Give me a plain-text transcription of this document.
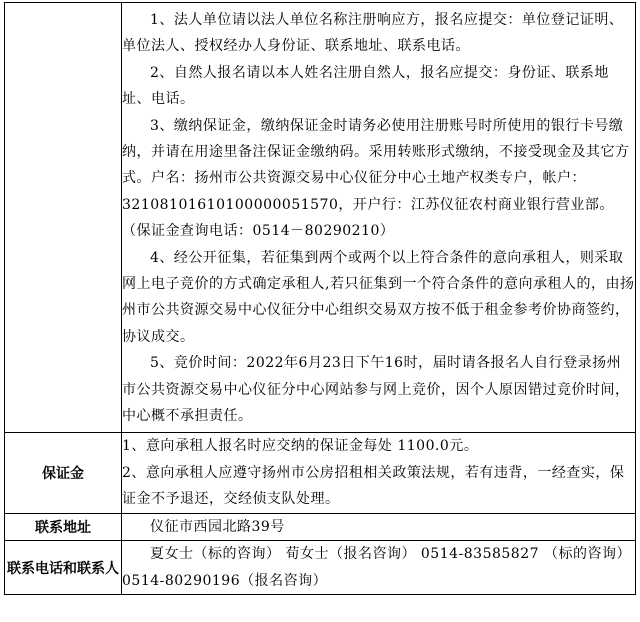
	1、法人单位请以法人单位名称注册响应方，报名应提交：单位登记证明、单位法人、授权经办人身份证、联系地址、联系电话。

2、自然人报名请以本人姓名注册自然人，报名应提交：身份证、联系地址、电话。

3、缴纳保证金，缴纳保证金时请务必使用注册账号时所使用的银行卡号缴纳，并请在用途里备注保证金缴纳码。采用转账形式缴纳，不接受现金及其它方式。户名：扬州市公共资源交易中心仪征分中心土地产权类专户，帐户：32108101610100000051570，开户行：江苏仪征农村商业银行营业部。（保证金查询电话：0514－80290210）

4、经公开征集，若征集到两个或两个以上符合条件的意向承租人，则采取网上电子竞价的方式确定承租人,若只征集到一个符合条件的意向承租人的，由扬州市公共资源交易中心仪征分中心组织交易双方按不低于租金参考价协商签约，协议成交。

5、竞价时间：2022年6月23日下午16时，届时请各报名人自行登录扬州市公共资源交易中心仪征分中心网站参与网上竞价，因个人原因错过竞价时间，中心概不承担责任。

保证金	1、意向承租人报名时应交纳的保证金每处 1100.0元。

2、意向承租人应遵守扬州市公房招租相关政策法规，若有违背，一经查实，保证金不予退还，交经侦支队处理。

联系地址	仪征市西园北路39号

联系电话和联系人	夏女士（标的咨询） 荀女士（报名咨询） 0514-83585827 （标的咨询）

0514-80290196（报名咨询）
